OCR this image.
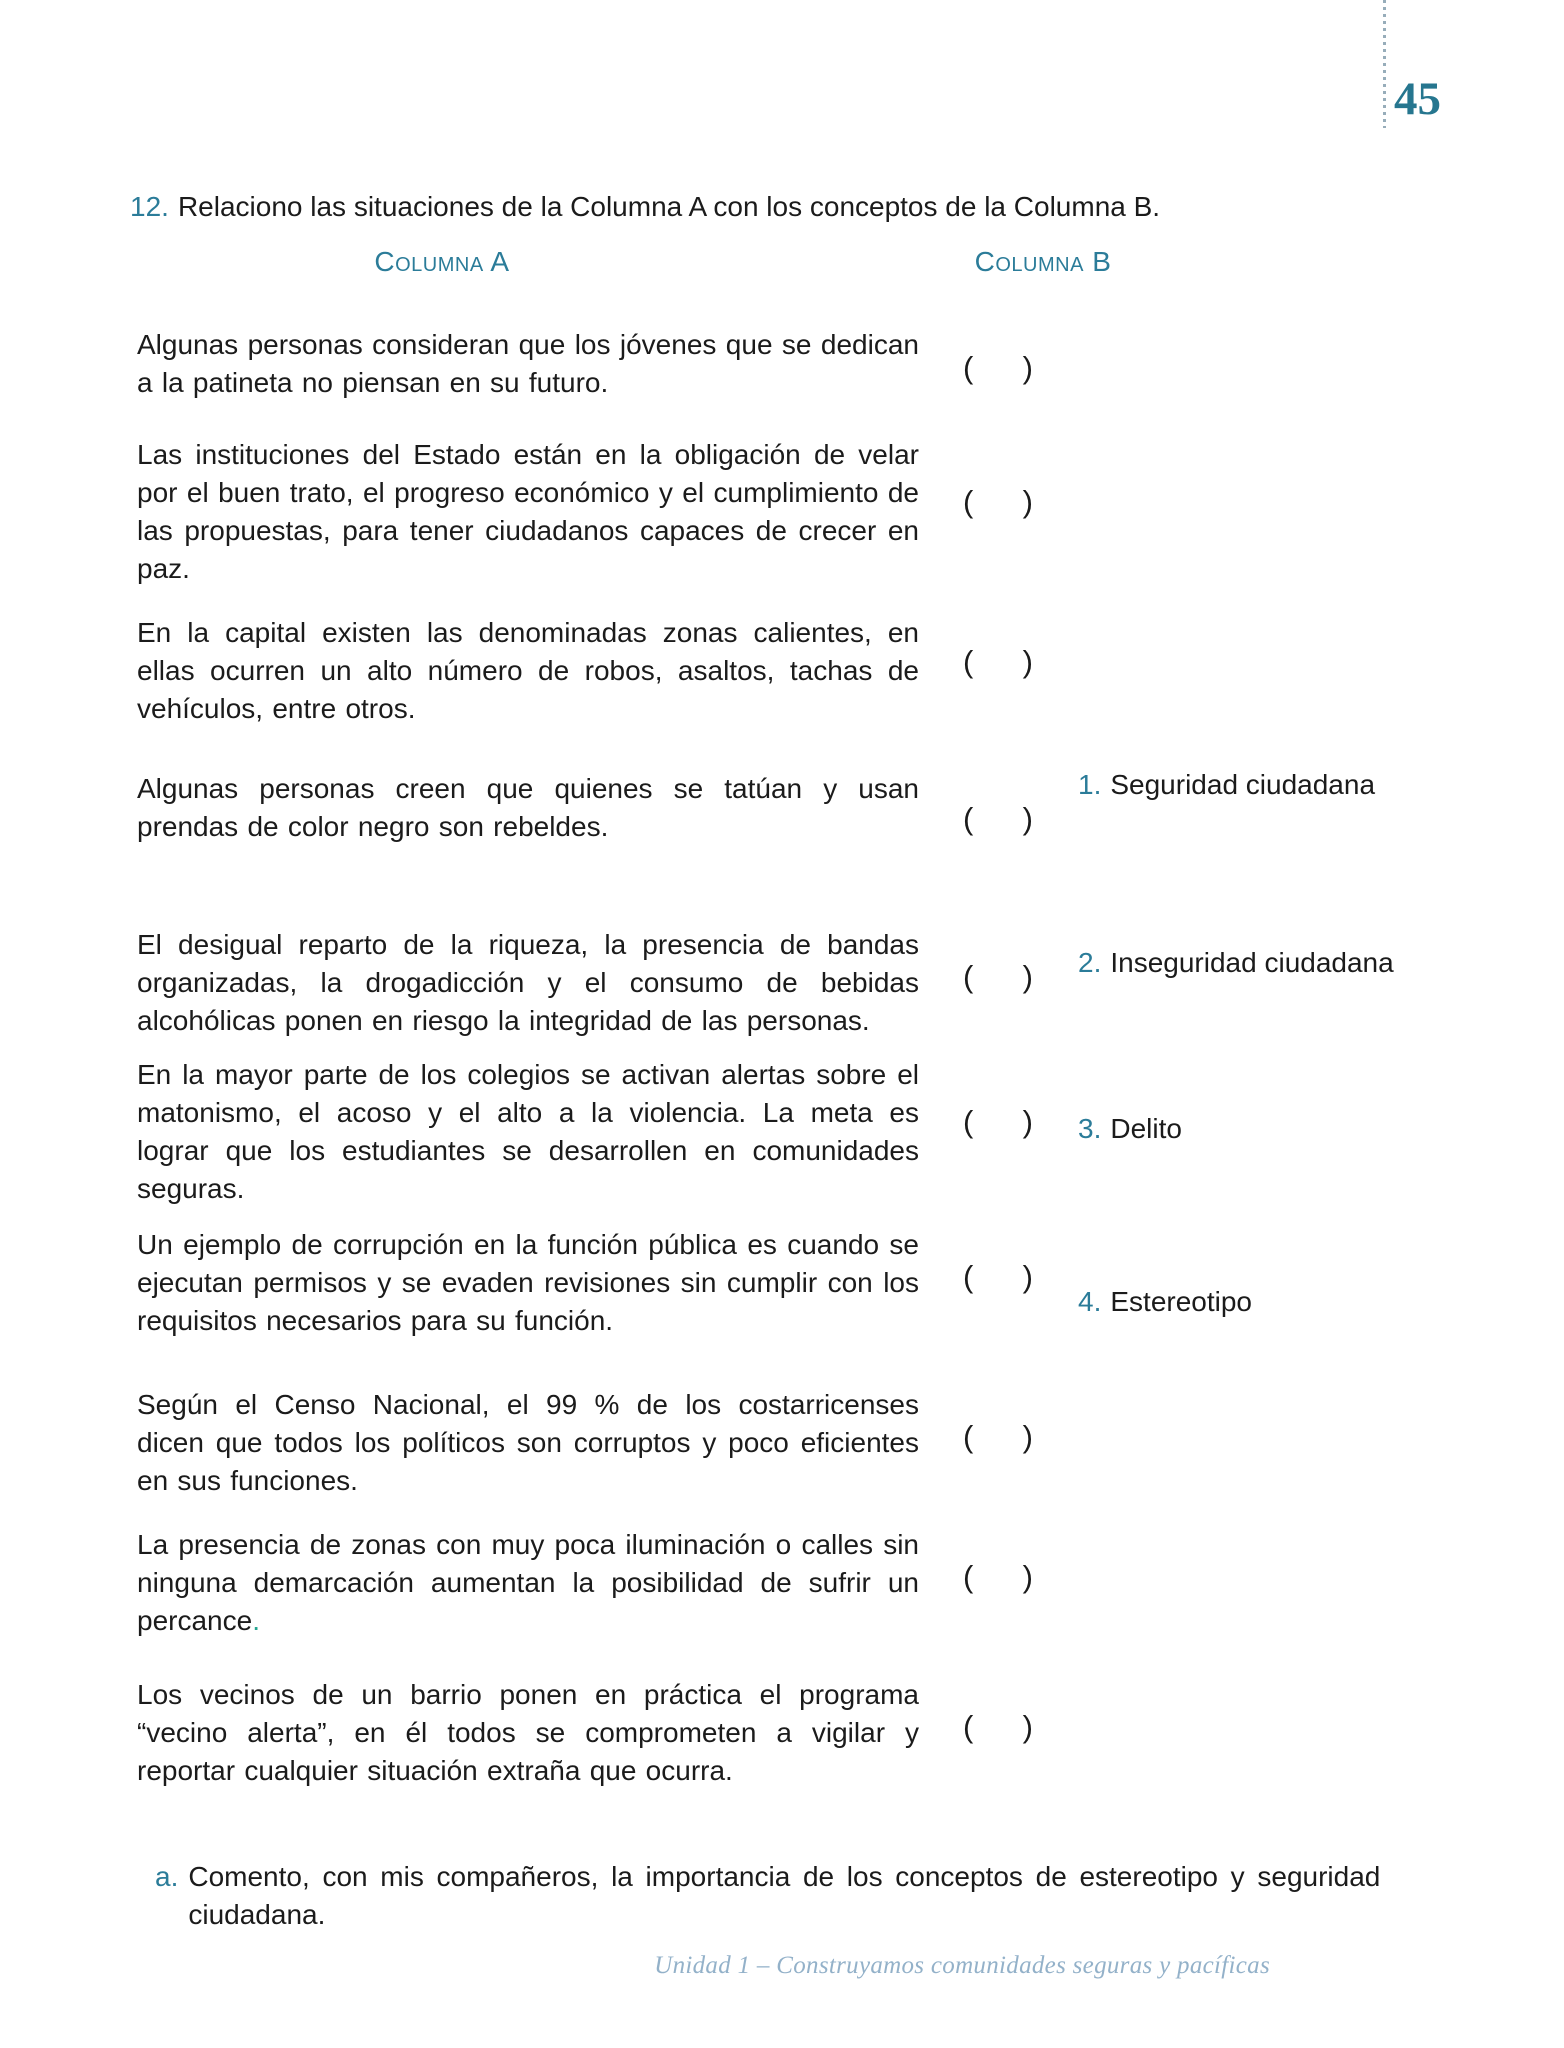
45
12. Relaciono las situaciones de la Columna A con los conceptos de la Columna B.
Columna A	Columna B

Algunas personas consideran que los jóvenes que se dedican a la patineta no piensan en su futuro.

Las instituciones del Estado están en la obligación de velar por el buen trato, el progreso económico y el cumplimiento de las propuestas, para tener ciudadanos capaces de crecer en paz.

En la capital existen las denominadas zonas calientes, en ellas ocurren un alto número de robos, asaltos, tachas de vehículos, entre otros.

Algunas personas creen que quienes se tatúan y usan prendas de color negro son rebeldes.

El desigual reparto de la riqueza, la presencia de bandas organizadas, la drogadicción y el consumo de bebidas alcohólicas ponen en riesgo la integridad de las personas.

En la mayor parte de los colegios se activan alertas sobre el matonismo, el acoso y el alto a la violencia. La meta es lograr que los estudiantes se desarrollen en comunidades seguras.

Un ejemplo de corrupción en la función pública es cuando se ejecutan permisos y se evaden revisiones sin cumplir con los requisitos necesarios para su función.

Según el Censo Nacional, el 99 % de los costarricenses dicen que todos los políticos son corruptos y poco eficientes en sus funciones.

La presencia de zonas con muy poca iluminación o calles sin ninguna demarcación aumentan la posibilidad de sufrir un percance

.

Los vecinos de un barrio ponen en práctica el programa “vecino alerta”, en él todos se comprometen a vigilar y reportar cualquier situación extraña que ocurra.

( )
( )
( )
( )
( )
( )
( )
( )
( )
( )
1. Seguridad ciudadana
2. Inseguridad ciudadana
3. Delito
4. Estereotipo
a. Comento, con mis compañeros, la importancia de los conceptos de estereotipo y seguridad ciudadana.

Unidad 1 – Construyamos comunidades seguras y pacíficas
